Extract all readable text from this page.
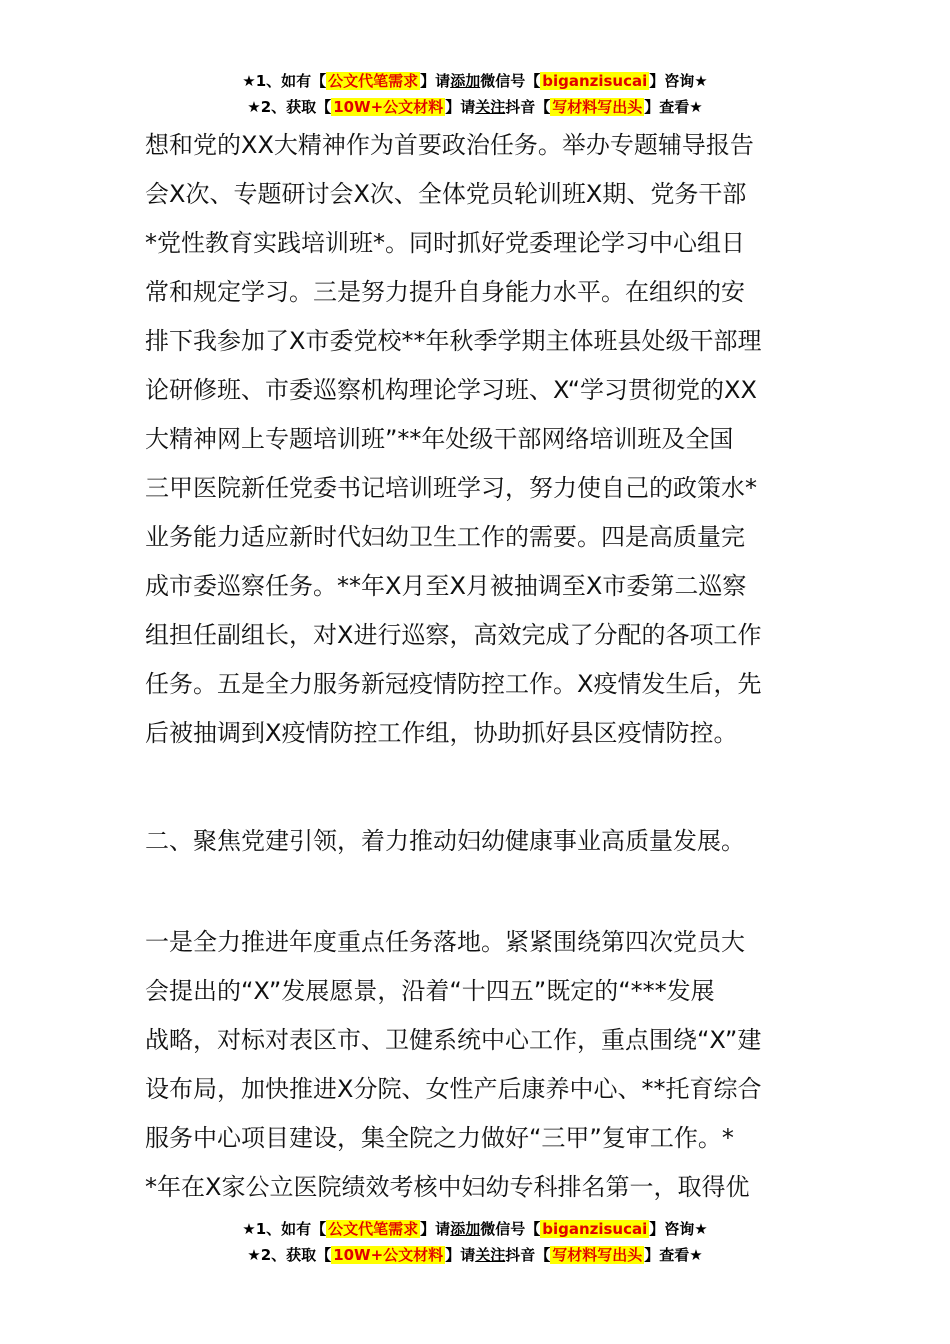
★1、如有【 公文代笔需求 】请添加微信号【 biganzisucai 】咨询★
★2、获取【 10W+公文材料 】请关注抖音【 写材料写出头 】查看★
想和党的XX大精神作为首要政治任务。举办专题辅导报告
会X次、专题研讨会X次、全体党员轮训班X期、党务干部
*党性教育实践培训班*。同时抓好党委理论学习中心组日
常和规定学习。三是努力提升自身能力水平。在组织的安
排下我参加了X市委党校**年秋季学期主体班县处级干部理
论研修班、市委巡察机构理论学习班、X“学习贯彻党的XX
大精神网上专题培训班”**年处级干部网络培训班及全国
三甲医院新任党委书记培训班学习，努力使自己的政策水*
业务能力适应新时代妇幼卫生工作的需要。四是高质量完
成市委巡察任务。**年X月至X月被抽调至X市委第二巡察
组担任副组长，对X进行巡察，高效完成了分配的各项工作
任务。五是全力服务新冠疫情防控工作。X疫情发生后，先
后被抽调到X疫情防控工作组，协助抓好县区疫情防控。
二、聚焦党建引领，着力推动妇幼健康事业高质量发展。
一是全力推进年度重点任务落地。紧紧围绕第四次党员大
会提出的“X”发展愿景，沿着“十四五”既定的“***发展
战略，对标对表区市、卫健系统中心工作，重点围绕“X”建
设布局，加快推进X分院、女性产后康养中心、**托育综合
服务中心项目建设，集全院之力做好“三甲”复审工作。*
*年在X家公立医院绩效考核中妇幼专科排名第一，取得优
★1、如有【 公文代笔需求 】请添加微信号【 biganzisucai 】咨询★
★2、获取【 10W+公文材料 】请关注抖音【 写材料写出头 】查看★
